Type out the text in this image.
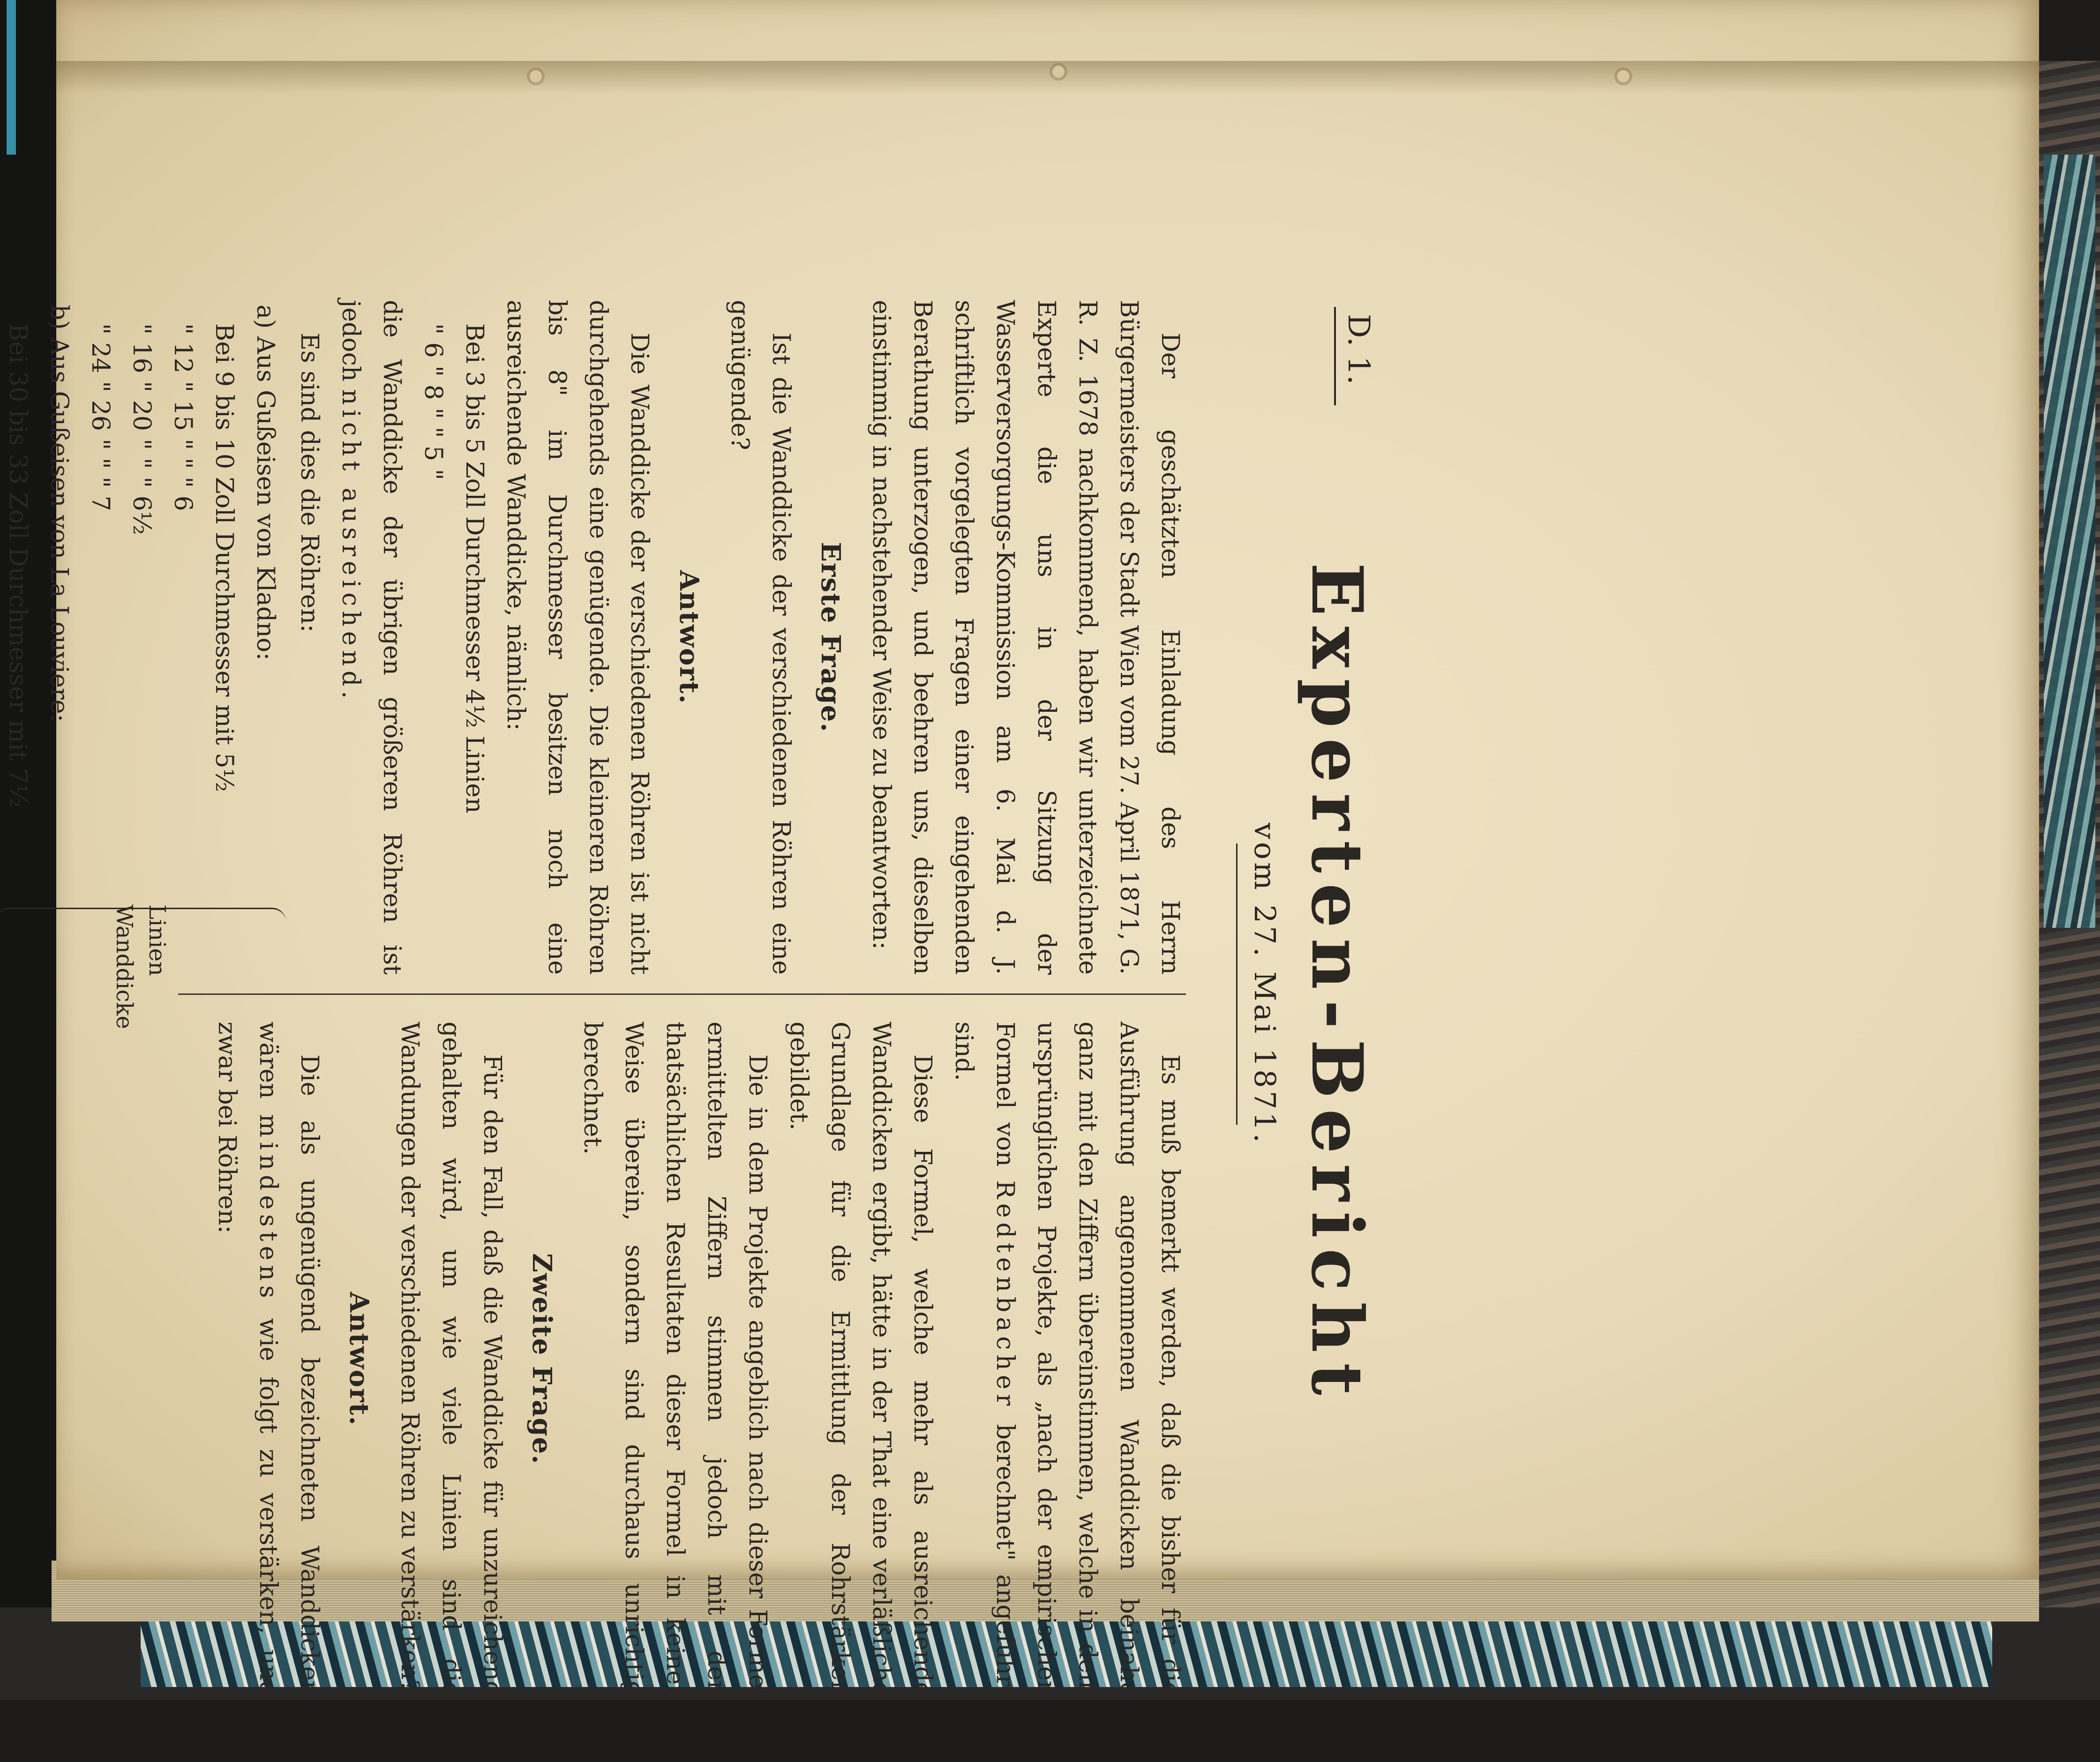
D. 1.
Experten-Bericht
vom 27. Mai 1871.

Der geschätzten Einladung des Herrn Bürgermeisters der Stadt Wien vom 27. April 1871, G. R. Z. 1678 nachkommend, haben wir unterzeichnete Experte die uns in der Sitzung der Wasserversorgungs-Kommission am 6. Mai d. J. schriftlich vorgelegten Fragen einer eingehenden Berathung unterzogen, und beehren uns, dieselben einstimmig in nachstehender Weise zu beantworten:

Erste Frage.

Ist die Wanddicke der verschiedenen Röhren eine genügende?

Antwort.

Die Wanddicke der verschiedenen Röhren ist nicht durchgehends eine genügende. Die kleineren Röhren bis 8" im Durchmesser besitzen noch eine ausreichende Wanddicke, nämlich:

Bei 3 bis 5 Zoll Durchmesser 4½ Linien
" 6 " 8 " " 5 "

die Wanddicke der übrigen größeren Röhren ist jedoch nicht ausreichend.

Es sind dies die Röhren:

Linien
Wanddicke
a) Aus Gußeisen von Kladno:
Bei 9 bis 10 Zoll Durchmesser mit 5½
" 12 " 15 " " " 6
" 16 " 20 " " " 6½
" 24 " 26 " " " 7
b) Aus Gußeisen von La Louviere:
Bei 30 bis 33 Zoll Durchmesser mit 7½

Es muß bemerkt werden, daß die bisher für die Ausführung angenommenen Wanddicken beinahe ganz mit den Ziffern übereinstimmen, welche in dem ursprünglichen Projekte, als „nach der empirischen Formel von Redtenbacher berechnet" angeführt sind.

Diese Formel, welche mehr als ausreichende Wanddicken ergibt, hätte in der That eine verläßliche Grundlage für die Ermittlung der Rohrstärken gebildet.

Die in dem Projekte angeblich nach dieser Formel ermittelten Ziffern stimmen jedoch mit den thatsächlichen Resultaten dieser Formel in keiner Weise überein, sondern sind durchaus unrichtig berechnet.

Zweite Frage.

Für den Fall, daß die Wanddicke für unzureichend gehalten wird, um wie viele Linien sind die Wandungen der verschiedenen Röhren zu verstärken?

Antwort.

Die als ungenügend bezeichneten Wanddicken wären mindestens wie folgt zu verstärken, und zwar bei Röhren:
